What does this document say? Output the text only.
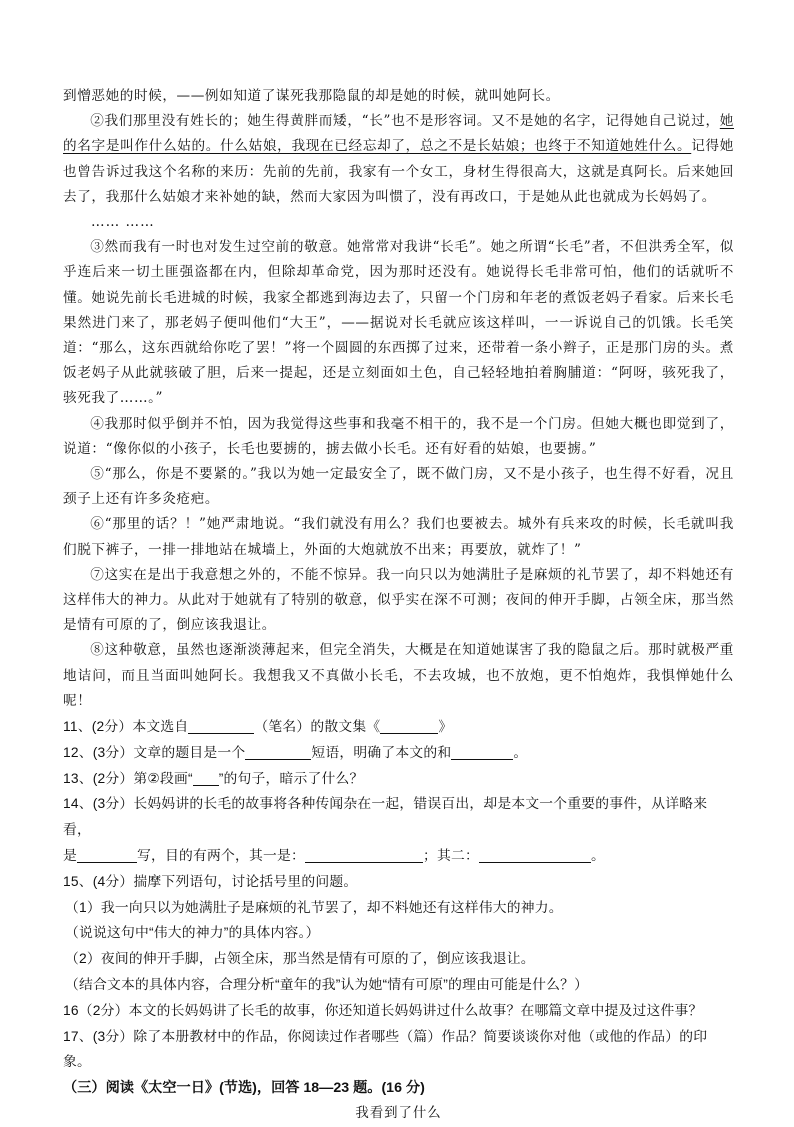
到憎恶她的时候，——例如知道了谋死我那隐鼠的却是她的时候，就叫她阿长。

②我们那里没有姓长的；她生得黄胖而矮，“长”也不是形容词。又不是她的名字，记得她自己说过，她的名字是叫作什么姑的。什么姑娘，我现在已经忘却了，总之不是长姑娘；也终于不知道她姓什么。记得她也曾告诉过我这个名称的来历：先前的先前，我家有一个女工，身材生得很高大，这就是真阿长。后来她回去了，我那什么姑娘才来补她的缺，然而大家因为叫惯了，没有再改口，于是她从此也就成为长妈妈了。

…… ……

③然而我有一时也对发生过空前的敬意。她常常对我讲“长毛”。她之所谓“长毛”者，不但洪秀全军，似乎连后来一切土匪强盗都在内，但除却革命党，因为那时还没有。她说得长毛非常可怕，他们的话就听不懂。她说先前长毛进城的时候，我家全都逃到海边去了，只留一个门房和年老的煮饭老妈子看家。后来长毛果然进门来了，那老妈子便叫他们“大王”，——据说对长毛就应该这样叫，一一诉说自己的饥饿。长毛笑道：“那么，这东西就给你吃了罢！”将一个圆圆的东西掷了过来，还带着一条小辫子，正是那门房的头。煮饭老妈子从此就骇破了胆，后来一提起，还是立刻面如土色，自己轻轻地拍着胸脯道：“阿呀，骇死我了，骇死我了……。”

④我那时似乎倒并不怕，因为我觉得这些事和我毫不相干的，我不是一个门房。但她大概也即觉到了，说道：“像你似的小孩子，长毛也要掳的，掳去做小长毛。还有好看的姑娘，也要掳。”

⑤“那么，你是不要紧的。”我以为她一定最安全了，既不做门房，又不是小孩子，也生得不好看，况且颈子上还有许多灸疮疤。

⑥“那里的话？！”她严肃地说。“我们就没有用么？我们也要被去。城外有兵来攻的时候，长毛就叫我们脱下裤子，一排一排地站在城墙上，外面的大炮就放不出来；再要放，就炸了！”

⑦这实在是出于我意想之外的，不能不惊异。我一向只以为她满肚子是麻烦的礼节罢了，却不料她还有这样伟大的神力。从此对于她就有了特别的敬意，似乎实在深不可测；夜间的伸开手脚，占领全床，那当然是情有可原的了，倒应该我退让。

⑧这种敬意，虽然也逐渐淡薄起来，但完全消失，大概是在知道她谋害了我的隐鼠之后。那时就极严重地诘问，而且当面叫她阿长。我想我又不真做小长毛，不去攻城，也不放炮，更不怕炮炸，我惧惮她什么呢！

11、(2分）本文选自	（笔名）的散文集《	》

12、(3分）文章的题目是一个	短语，明确了本文的和	。

13、(2分）第②段画“ ”的句子，暗示了什么？

14、(3分）长妈妈讲的长毛的故事将各种传闻杂在一起，错误百出，却是本文一个重要的事件，从详略来看，
是	写，目的有两个，其一是：	；其二：	。

15、(4分）揣摩下列语句，讨论括号里的问题。

（1）我一向只以为她满肚子是麻烦的礼节罢了，却不料她还有这样伟大的神力。

（说说这句中“伟大的神力”的具体内容。）

（2）夜间的伸开手脚，占领全床，那当然是情有可原的了，倒应该我退让。

（结合文本的具体内容，合理分析“童年的我”认为她“情有可原”的理由可能是什么？）

16（2分）本文的长妈妈讲了长毛的故事，你还知道长妈妈讲过什么故事？在哪篇文章中提及过这件事？

17、(3分）除了本册教材中的作品，你阅读过作者哪些（篇）作品？简要谈谈你对他（或他的作品）的印象。

（三）阅读《太空一日》(节选)，回答 18—23 题。(16 分)

我看到了什么
